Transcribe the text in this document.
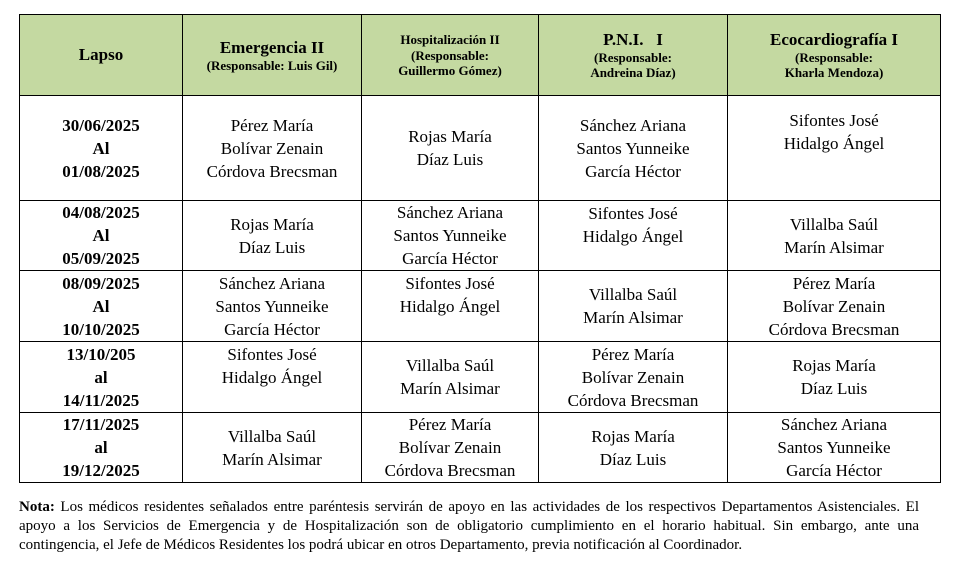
Lapso	Emergencia II
(Responsable: Luis Gil)	Hospitalización II
(Responsable:
Guillermo Gómez)	P.N.I.   I
(Responsable:
Andreina Díaz)	Ecocardiografía I
(Responsable:
Kharla Mendoza)

30/06/2025
Al
01/08/2025	Pérez María
Bolívar Zenain
Córdova Brecsman	Rojas María
Díaz Luis	Sánchez Ariana
Santos Yunneike
García Héctor	Sifontes José
Hidalgo Ángel

04/08/2025
Al
05/09/2025	Rojas María
Díaz Luis	Sánchez Ariana
Santos Yunneike
García Héctor	Sifontes José
Hidalgo Ángel	Villalba Saúl
Marín Alsimar

08/09/2025
Al
10/10/2025	Sánchez Ariana
Santos Yunneike
García Héctor	Sifontes José
Hidalgo Ángel	Villalba Saúl
Marín Alsimar	Pérez María
Bolívar Zenain
Córdova Brecsman

13/10/205
al
14/11/2025	Sifontes José
Hidalgo Ángel	Villalba Saúl
Marín Alsimar	Pérez María
Bolívar Zenain
Córdova Brecsman	Rojas María
Díaz Luis

17/11/2025
al
19/12/2025	Villalba Saúl
Marín Alsimar	Pérez María
Bolívar Zenain
Córdova Brecsman	Rojas María
Díaz Luis	Sánchez Ariana
Santos Yunneike
García Héctor
Nota: Los médicos residentes señalados entre paréntesis servirán de apoyo en las actividades de los respectivos Departamentos Asistenciales. El apoyo a los Servicios de Emergencia y de Hospitalización son de obligatorio cumplimiento en el horario habitual. Sin embargo, ante una contingencia, el Jefe de Médicos Residentes los podrá ubicar en otros Departamento, previa notificación al Coordinador.
